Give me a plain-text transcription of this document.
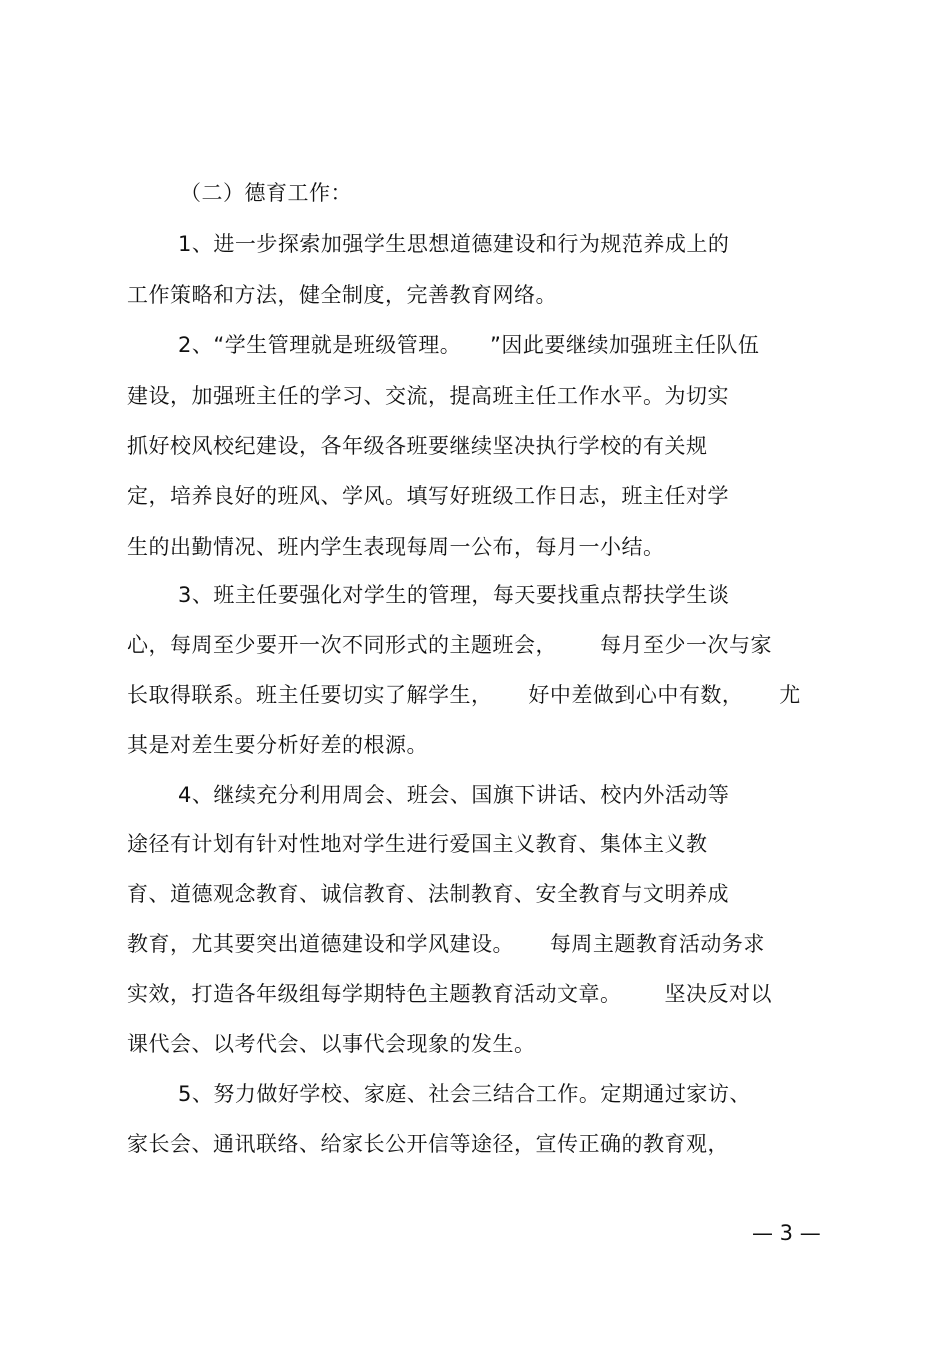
（二）德育工作：
1、进一步探索加强学生思想道德建设和行为规范养成上的
工作策略和方法，健全制度，完善教育网络。
2、“学生管理就是班级管理。    ”因此要继续加强班主任队伍
建设，加强班主任的学习、交流，提高班主任工作水平。为切实
抓好校风校纪建设，各年级各班要继续坚决执行学校的有关规
定，培养良好的班风、学风。填写好班级工作日志，班主任对学
生的出勤情况、班内学生表现每周一公布，每月一小结。
3、班主任要强化对学生的管理，每天要找重点帮扶学生谈
心，每周至少要开一次不同形式的主题班会，      每月至少一次与家
长取得联系。班主任要切实了解学生，     好中差做到心中有数，     尤
其是对差生要分析好差的根源。
4、继续充分利用周会、班会、国旗下讲话、校内外活动等
途径有计划有针对性地对学生进行爱国主义教育、集体主义教
育、道德观念教育、诚信教育、法制教育、安全教育与文明养成
教育，尤其要突出道德建设和学风建设。     每周主题教育活动务求
实效，打造各年级组每学期特色主题教育活动文章。      坚决反对以
课代会、以考代会、以事代会现象的发生。
5、努力做好学校、家庭、社会三结合工作。定期通过家访、
家长会、通讯联络、给家长公开信等途径，宣传正确的教育观，
— 3 —
